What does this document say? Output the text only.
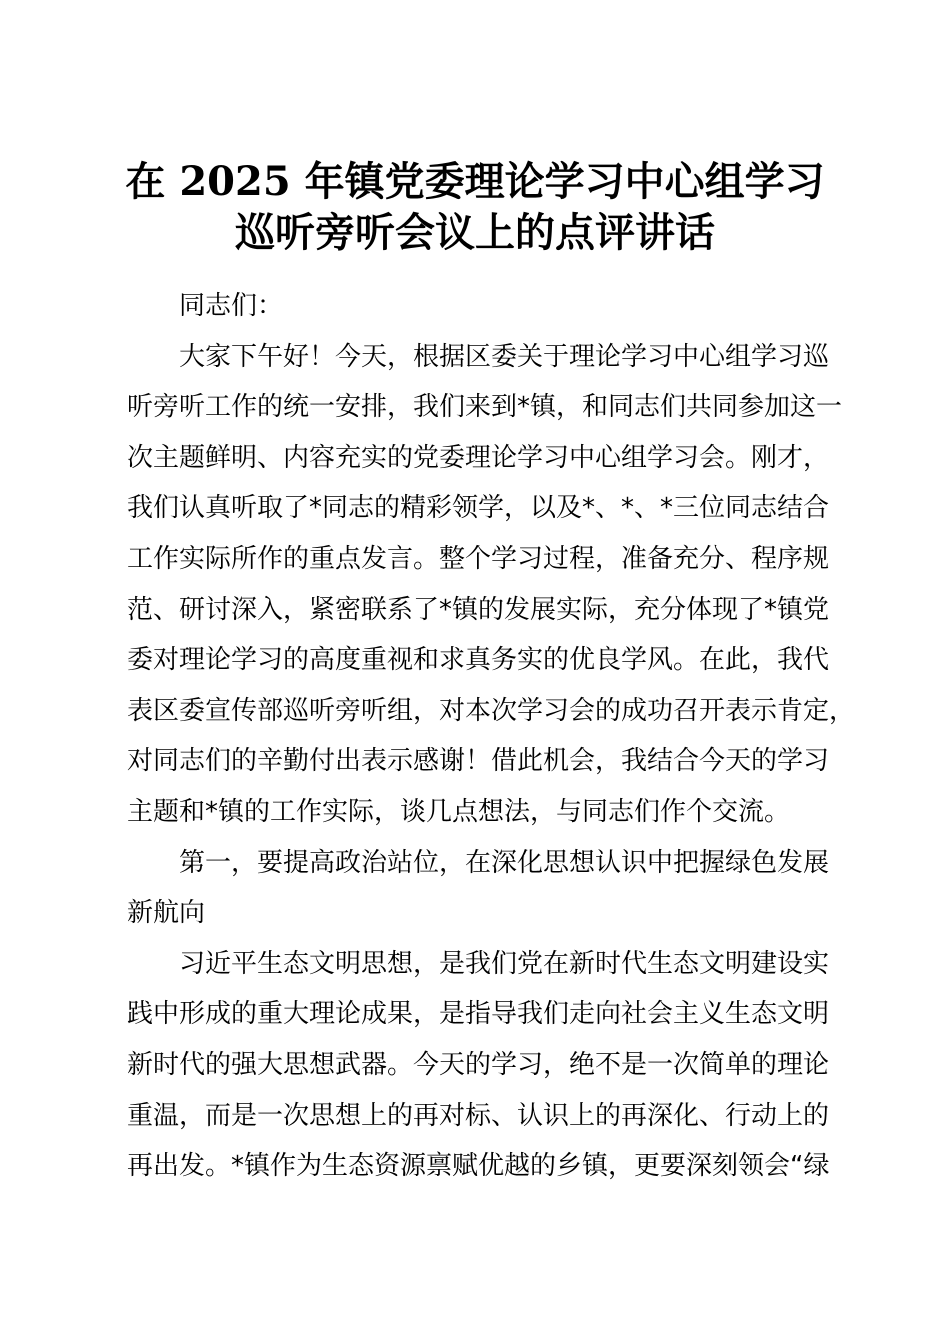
在 2025 年镇党委理论学习中心组学习
巡听旁听会议上的点评讲话

同志们：

大家下午好！今天，根据区委关于理论学习中心组学习巡
听旁听工作的统一安排，我们来到*镇，和同志们共同参加这一
次主题鲜明、内容充实的党委理论学习中心组学习会。刚才，
我们认真听取了*同志的精彩领学，以及*、*、*三位同志结合
工作实际所作的重点发言。整个学习过程，准备充分、程序规
范、研讨深入，紧密联系了*镇的发展实际，充分体现了*镇党
委对理论学习的高度重视和求真务实的优良学风。在此，我代
表区委宣传部巡听旁听组，对本次学习会的成功召开表示肯定，
对同志们的辛勤付出表示感谢！借此机会，我结合今天的学习
主题和*镇的工作实际，谈几点想法，与同志们作个交流。

第一，要提高政治站位，在深化思想认识中把握绿色发展
新航向

习近平生态文明思想，是我们党在新时代生态文明建设实
践中形成的重大理论成果，是指导我们走向社会主义生态文明
新时代的强大思想武器。今天的学习，绝不是一次简单的理论
重温，而是一次思想上的再对标、认识上的再深化、行动上的
再出发。*镇作为生态资源禀赋优越的乡镇，更要深刻领会“绿
